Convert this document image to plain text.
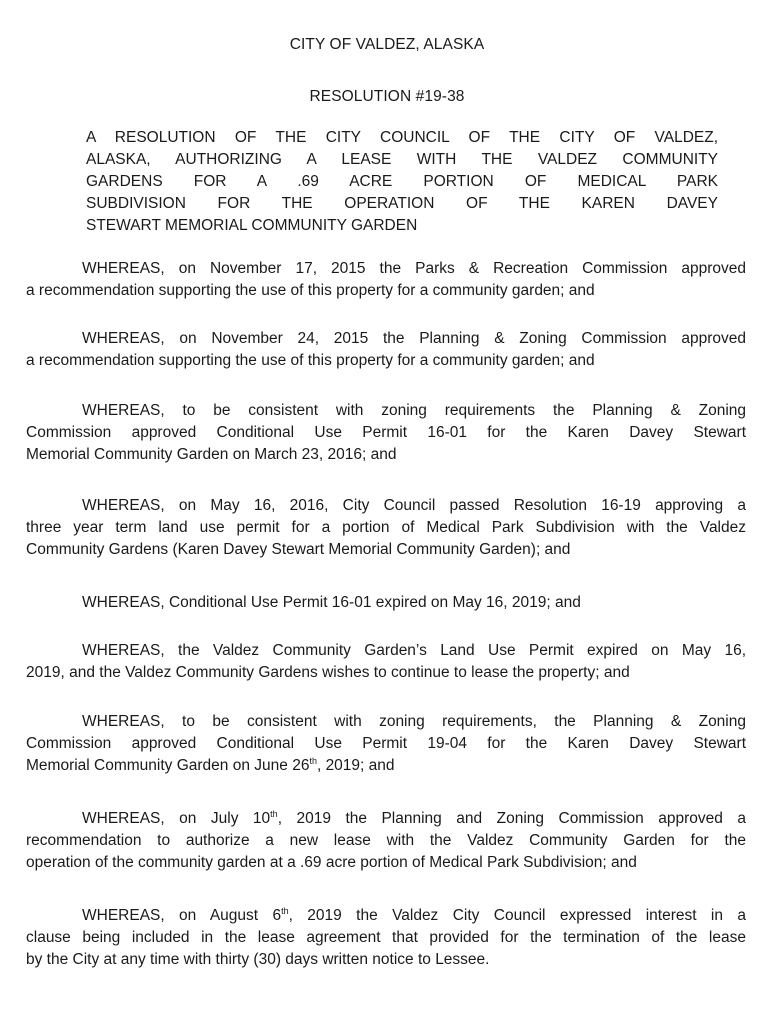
CITY OF VALDEZ, ALASKA
RESOLUTION #19-38
A RESOLUTION OF THE CITY COUNCIL OF THE CITY OF VALDEZ,
ALASKA, AUTHORIZING A LEASE WITH THE VALDEZ COMMUNITY
GARDENS FOR A .69 ACRE PORTION OF MEDICAL PARK
SUBDIVISION FOR THE OPERATION OF THE KAREN DAVEY
STEWART MEMORIAL COMMUNITY GARDEN
WHEREAS, on November 17, 2015 the Parks & Recreation Commission approved
a recommendation supporting the use of this property for a community garden; and
WHEREAS, on November 24, 2015 the Planning & Zoning Commission approved
a recommendation supporting the use of this property for a community garden; and
WHEREAS, to be consistent with zoning requirements the Planning & Zoning
Commission approved Conditional Use Permit 16-01 for the Karen Davey Stewart
Memorial Community Garden on March 23, 2016; and
WHEREAS, on May 16, 2016, City Council passed Resolution 16-19 approving a
three year term land use permit for a portion of Medical Park Subdivision with the Valdez
Community Gardens (Karen Davey Stewart Memorial Community Garden); and
WHEREAS, Conditional Use Permit 16-01 expired on May 16, 2019; and
WHEREAS, the Valdez Community Garden’s Land Use Permit expired on May 16,
2019, and the Valdez Community Gardens wishes to continue to lease the property; and
WHEREAS, to be consistent with zoning requirements, the Planning & Zoning
Commission approved Conditional Use Permit 19-04 for the Karen Davey Stewart
Memorial Community Garden on June 26th, 2019; and
WHEREAS, on July 10th, 2019 the Planning and Zoning Commission approved a
recommendation to authorize a new lease with the Valdez Community Garden for the
operation of the community garden at a .69 acre portion of Medical Park Subdivision; and
WHEREAS, on August 6th, 2019 the Valdez City Council expressed interest in a
clause being included in the lease agreement that provided for the termination of the lease
by the City at any time with thirty (30) days written notice to Lessee.
